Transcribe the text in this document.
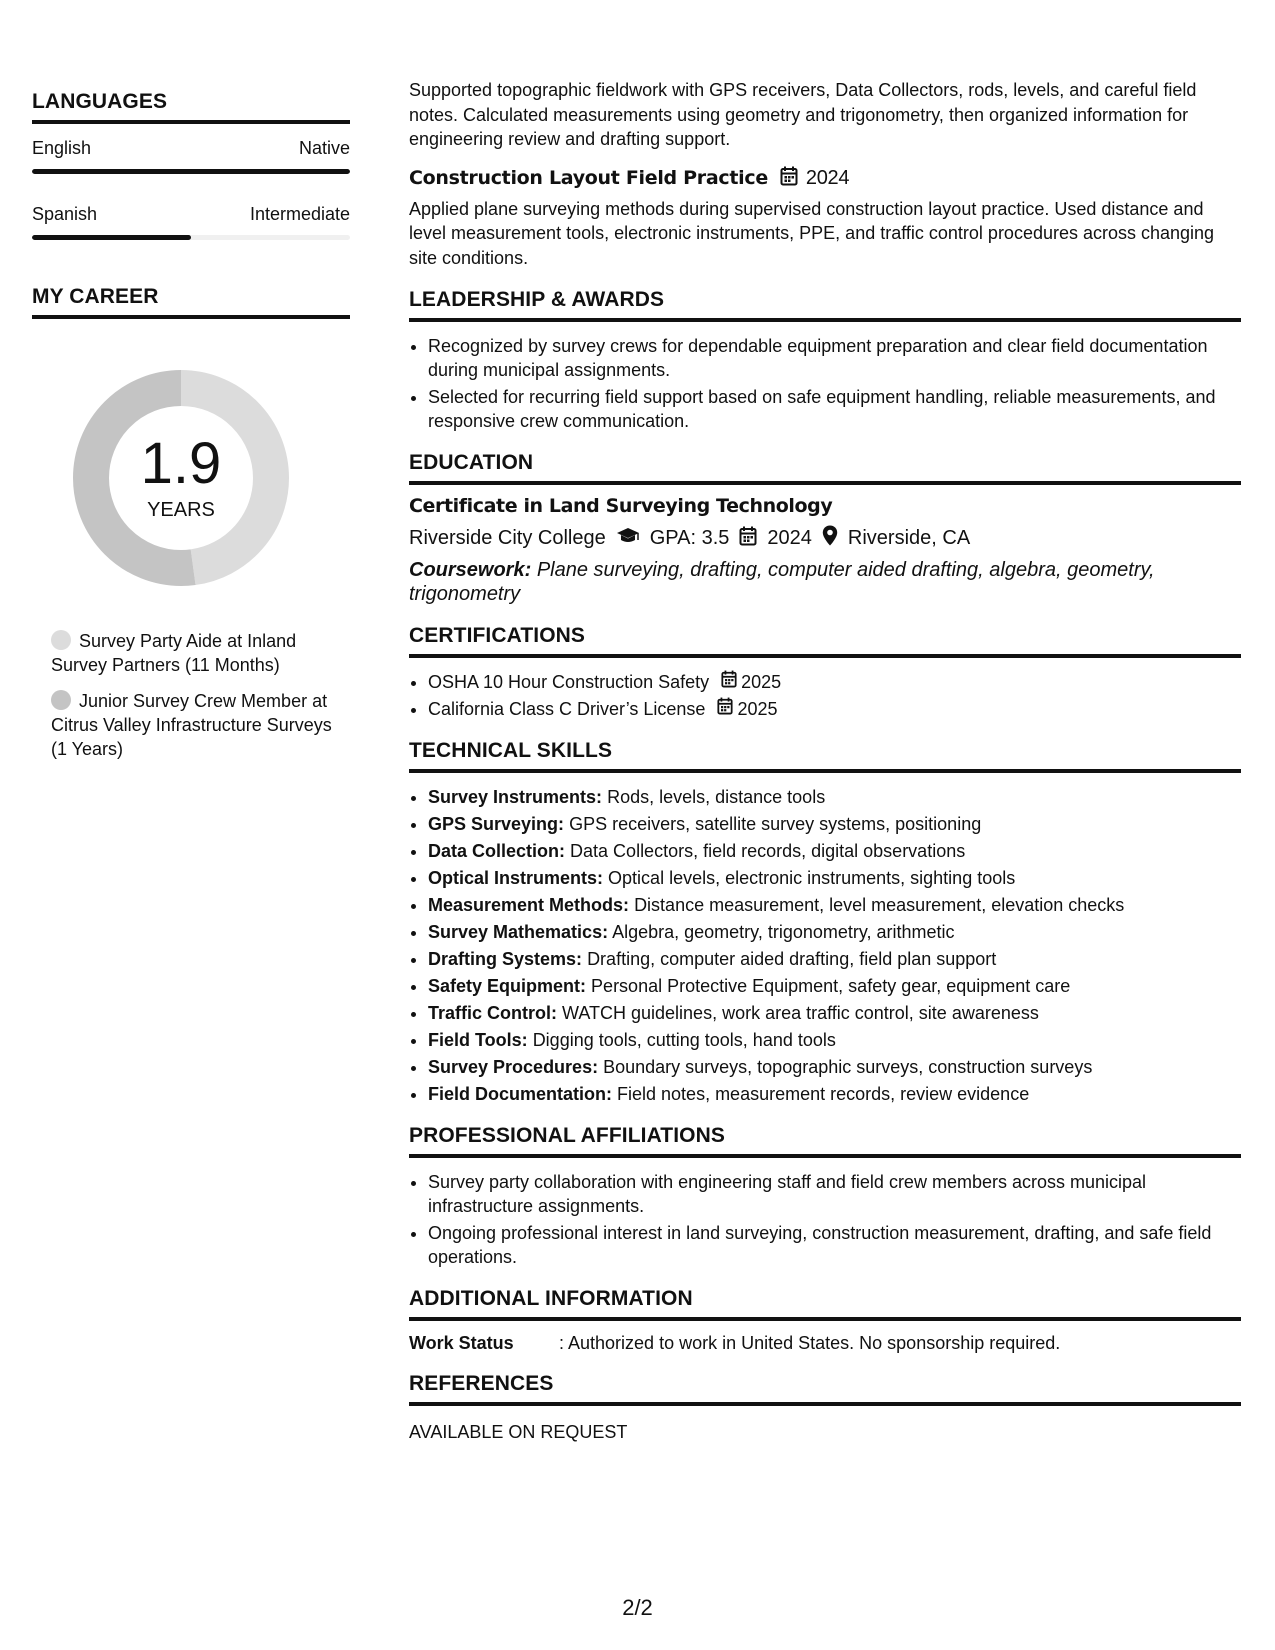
LANGUAGES
English	Native
Spanish	Intermediate
MY CAREER
1.9
YEARS
Survey Party Aide at Inland Survey Partners (11 Months)
Junior Survey Crew Member at Citrus Valley Infrastructure Surveys (1 Years)

Supported topographic fieldwork with GPS receivers, Data Collectors, rods, levels, and careful field notes. Calculated measurements using geometry and trigonometry, then organized information for engineering review and drafting support.

Construction Layout Field Practice 2024

Applied plane surveying methods during supervised construction layout practice. Used distance and level measurement tools, electronic instruments, PPE, and traffic control procedures across changing site conditions.

LEADERSHIP & AWARDS
• Recognized by survey crews for dependable equipment preparation and clear field documentation during municipal assignments.
• Selected for recurring field support based on safe equipment handling, reliable measurements, and responsive crew communication.
EDUCATION
Certificate in Land Surveying Technology
Riverside City College GPA: 3.5 2024 Riverside, CA
Coursework: Plane surveying, drafting, computer aided drafting, algebra, geometry, trigonometry
CERTIFICATIONS
• OSHA 10 Hour Construction Safety 2025
• California Class C Driver’s License 2025
TECHNICAL SKILLS
• Survey Instruments: Rods, levels, distance tools
• GPS Surveying: GPS receivers, satellite survey systems, positioning
• Data Collection: Data Collectors, field records, digital observations
• Optical Instruments: Optical levels, electronic instruments, sighting tools
• Measurement Methods: Distance measurement, level measurement, elevation checks
• Survey Mathematics: Algebra, geometry, trigonometry, arithmetic
• Drafting Systems: Drafting, computer aided drafting, field plan support
• Safety Equipment: Personal Protective Equipment, safety gear, equipment care
• Traffic Control: WATCH guidelines, work area traffic control, site awareness
• Field Tools: Digging tools, cutting tools, hand tools
• Survey Procedures: Boundary surveys, topographic surveys, construction surveys
• Field Documentation: Field notes, measurement records, review evidence
PROFESSIONAL AFFILIATIONS
• Survey party collaboration with engineering staff and field crew members across municipal infrastructure assignments.
• Ongoing professional interest in land surveying, construction measurement, drafting, and safe field operations.
ADDITIONAL INFORMATION
Work Status	: Authorized to work in United States. No sponsorship required.
REFERENCES
AVAILABLE ON REQUEST
2/2
